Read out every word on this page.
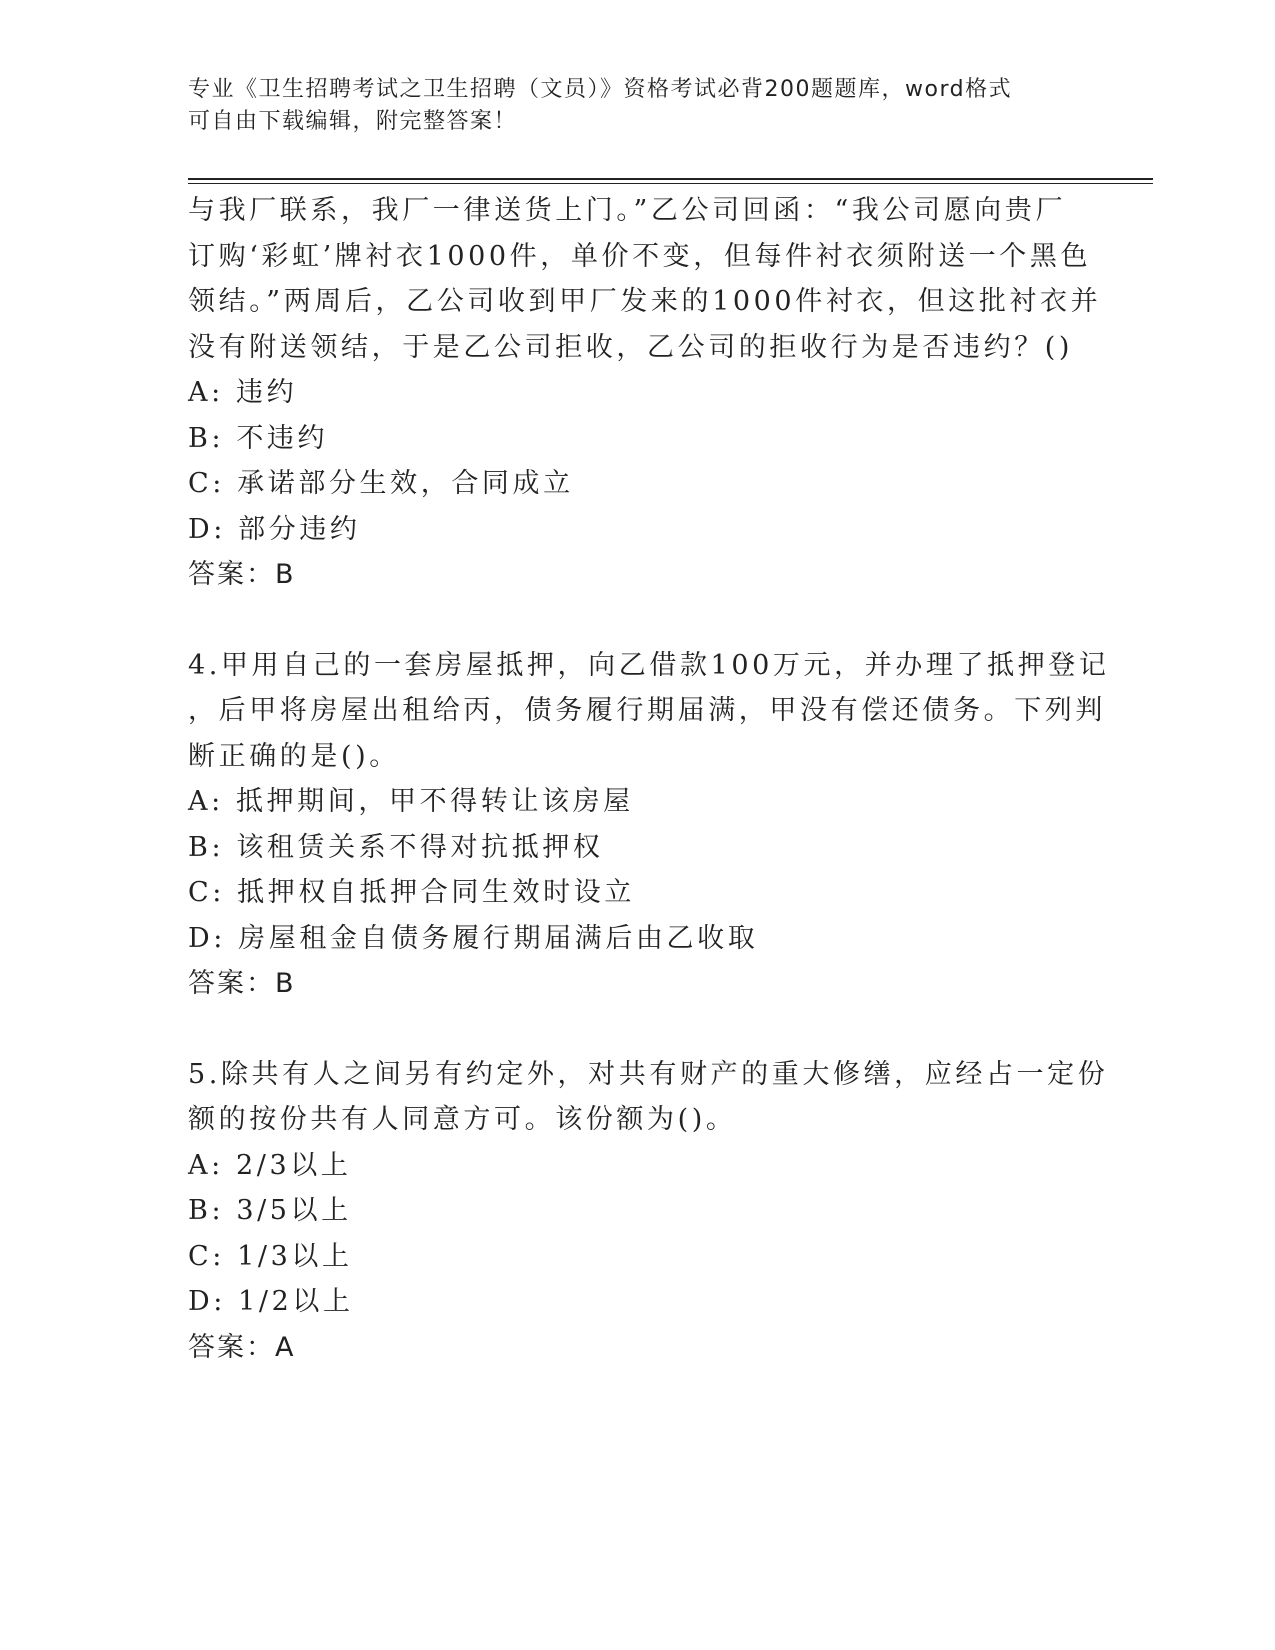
专业《卫生招聘考试之卫生招聘（文员）》资格考试必背200题题库，word格式
可自由下载编辑，附完整答案！
与我厂联系，我厂一律送货上门。”乙公司回函：“我公司愿向贵厂
订购‘彩虹’牌衬衣1000件，单价不变，但每件衬衣须附送一个黑色
领结。”两周后，乙公司收到甲厂发来的1000件衬衣，但这批衬衣并
没有附送领结，于是乙公司拒收，乙公司的拒收行为是否违约？()
A: 违约
B: 不违约
C: 承诺部分生效，合同成立
D: 部分违约
答案：B
4.甲用自己的一套房屋抵押，向乙借款100万元，并办理了抵押登记
，后甲将房屋出租给丙，债务履行期届满，甲没有偿还债务。下列判
断正确的是()。
A: 抵押期间，甲不得转让该房屋
B: 该租赁关系不得对抗抵押权
C: 抵押权自抵押合同生效时设立
D: 房屋租金自债务履行期届满后由乙收取
答案：B
5.除共有人之间另有约定外，对共有财产的重大修缮，应经占一定份
额的按份共有人同意方可。该份额为()。
A: 2/3以上
B: 3/5以上
C: 1/3以上
D: 1/2以上
答案：A
